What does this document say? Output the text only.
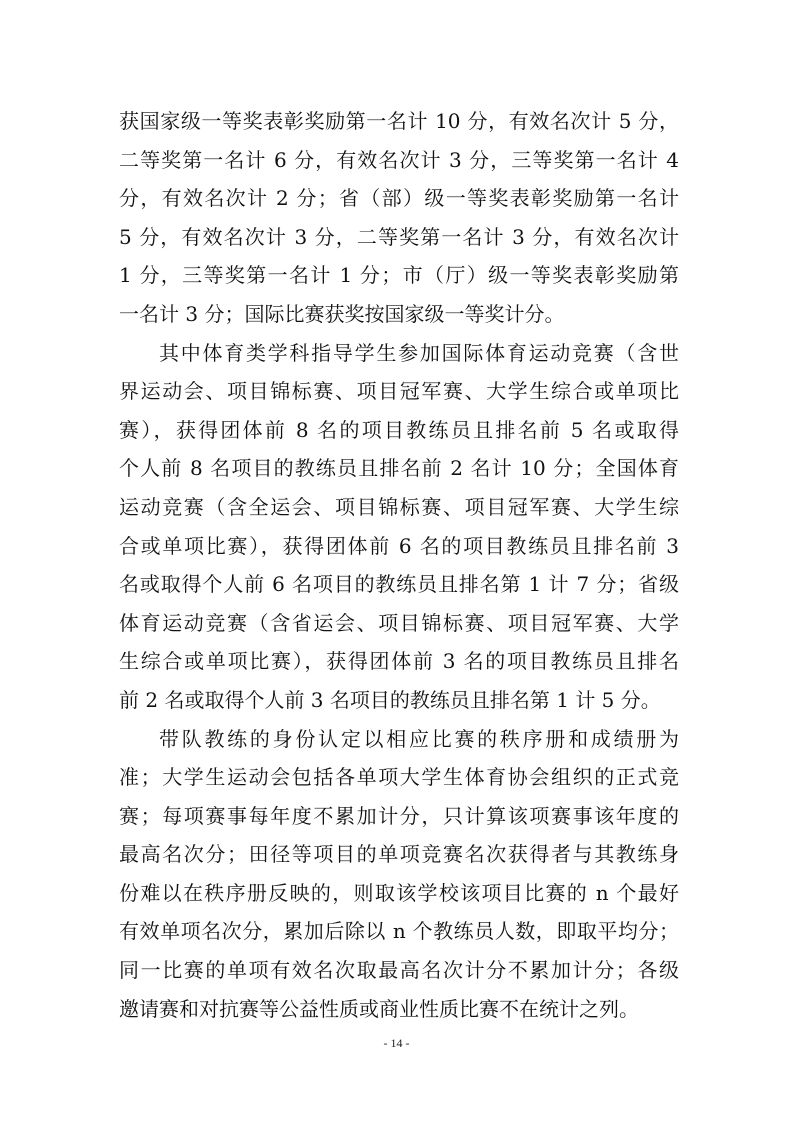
获国家级一等奖表彰奖励第一名计 10 分，有效名次计 5 分，
二等奖第一名计 6 分，有效名次计 3 分，三等奖第一名计 4
分，有效名次计 2 分；省（部）级一等奖表彰奖励第一名计
5 分，有效名次计 3 分，二等奖第一名计 3 分，有效名次计
1 分，三等奖第一名计 1 分；市（厅）级一等奖表彰奖励第
一名计 3 分；国际比赛获奖按国家级一等奖计分。
其中体育类学科指导学生参加国际体育运动竞赛（含世
界运动会、项目锦标赛、项目冠军赛、大学生综合或单项比
赛），获得团体前 8 名的项目教练员且排名前 5 名或取得
个人前 8 名项目的教练员且排名前 2 名计 10 分；全国体育
运动竞赛（含全运会、项目锦标赛、项目冠军赛、大学生综
合或单项比赛），获得团体前 6 名的项目教练员且排名前 3
名或取得个人前 6 名项目的教练员且排名第 1 计 7 分；省级
体育运动竞赛（含省运会、项目锦标赛、项目冠军赛、大学
生综合或单项比赛），获得团体前 3 名的项目教练员且排名
前 2 名或取得个人前 3 名项目的教练员且排名第 1 计 5 分。
带队教练的身份认定以相应比赛的秩序册和成绩册为
准；大学生运动会包括各单项大学生体育协会组织的正式竞
赛；每项赛事每年度不累加计分，只计算该项赛事该年度的
最高名次分；田径等项目的单项竞赛名次获得者与其教练身
份难以在秩序册反映的，则取该学校该项目比赛的 n 个最好
有效单项名次分，累加后除以 n 个教练员人数，即取平均分；
同一比赛的单项有效名次取最高名次计分不累加计分；各级
邀请赛和对抗赛等公益性质或商业性质比赛不在统计之列。
- 14 -
